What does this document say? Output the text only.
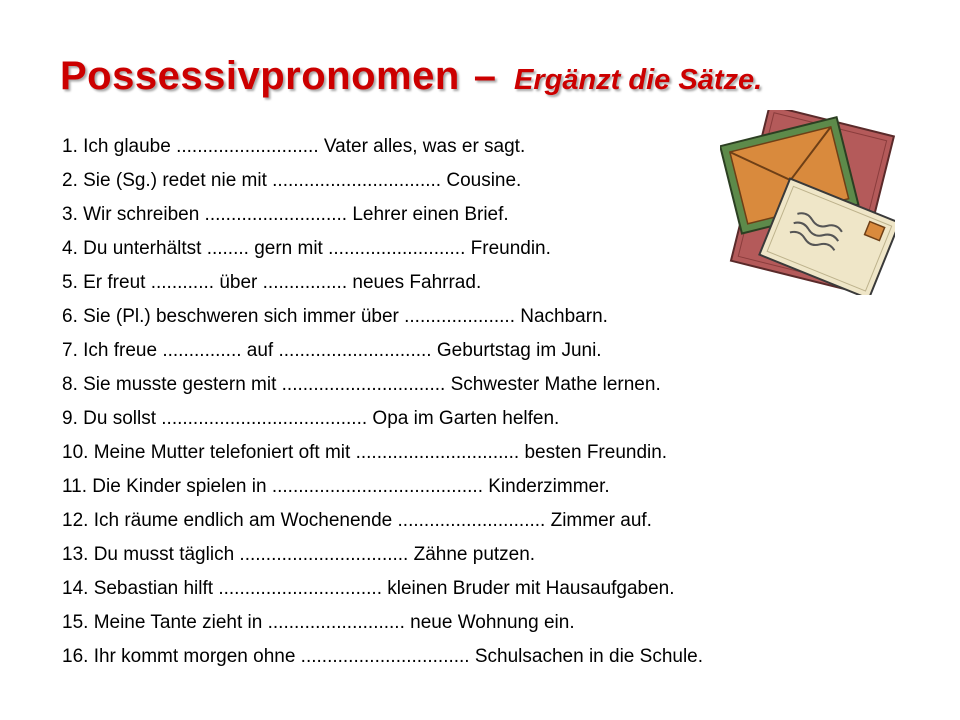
Possessivpronomen – Ergänzt die Sätze.
1. Ich glaube ........................... Vater alles, was er sagt.
2. Sie (Sg.) redet nie mit ................................ Cousine.
3. Wir schreiben ........................... Lehrer einen Brief.
4. Du unterhältst ........ gern mit .......................... Freundin.
5. Er freut ............ über ................ neues Fahrrad.
6. Sie (Pl.) beschweren sich immer über ..................... Nachbarn.
7. Ich freue ............... auf ............................. Geburtstag im Juni.
8. Sie musste gestern mit ............................... Schwester Mathe lernen.
9. Du sollst ....................................... Opa im Garten helfen.
10. Meine Mutter telefoniert oft mit ............................... besten Freundin.
11. Die Kinder spielen in ........................................ Kinderzimmer.
12. Ich räume endlich am Wochenende ............................ Zimmer auf.
13. Du musst täglich ................................ Zähne putzen.
14. Sebastian hilft ............................... kleinen Bruder mit Hausaufgaben.
15. Meine Tante zieht in .......................... neue Wohnung ein.
16. Ihr kommt morgen ohne ................................ Schulsachen in die Schule.
